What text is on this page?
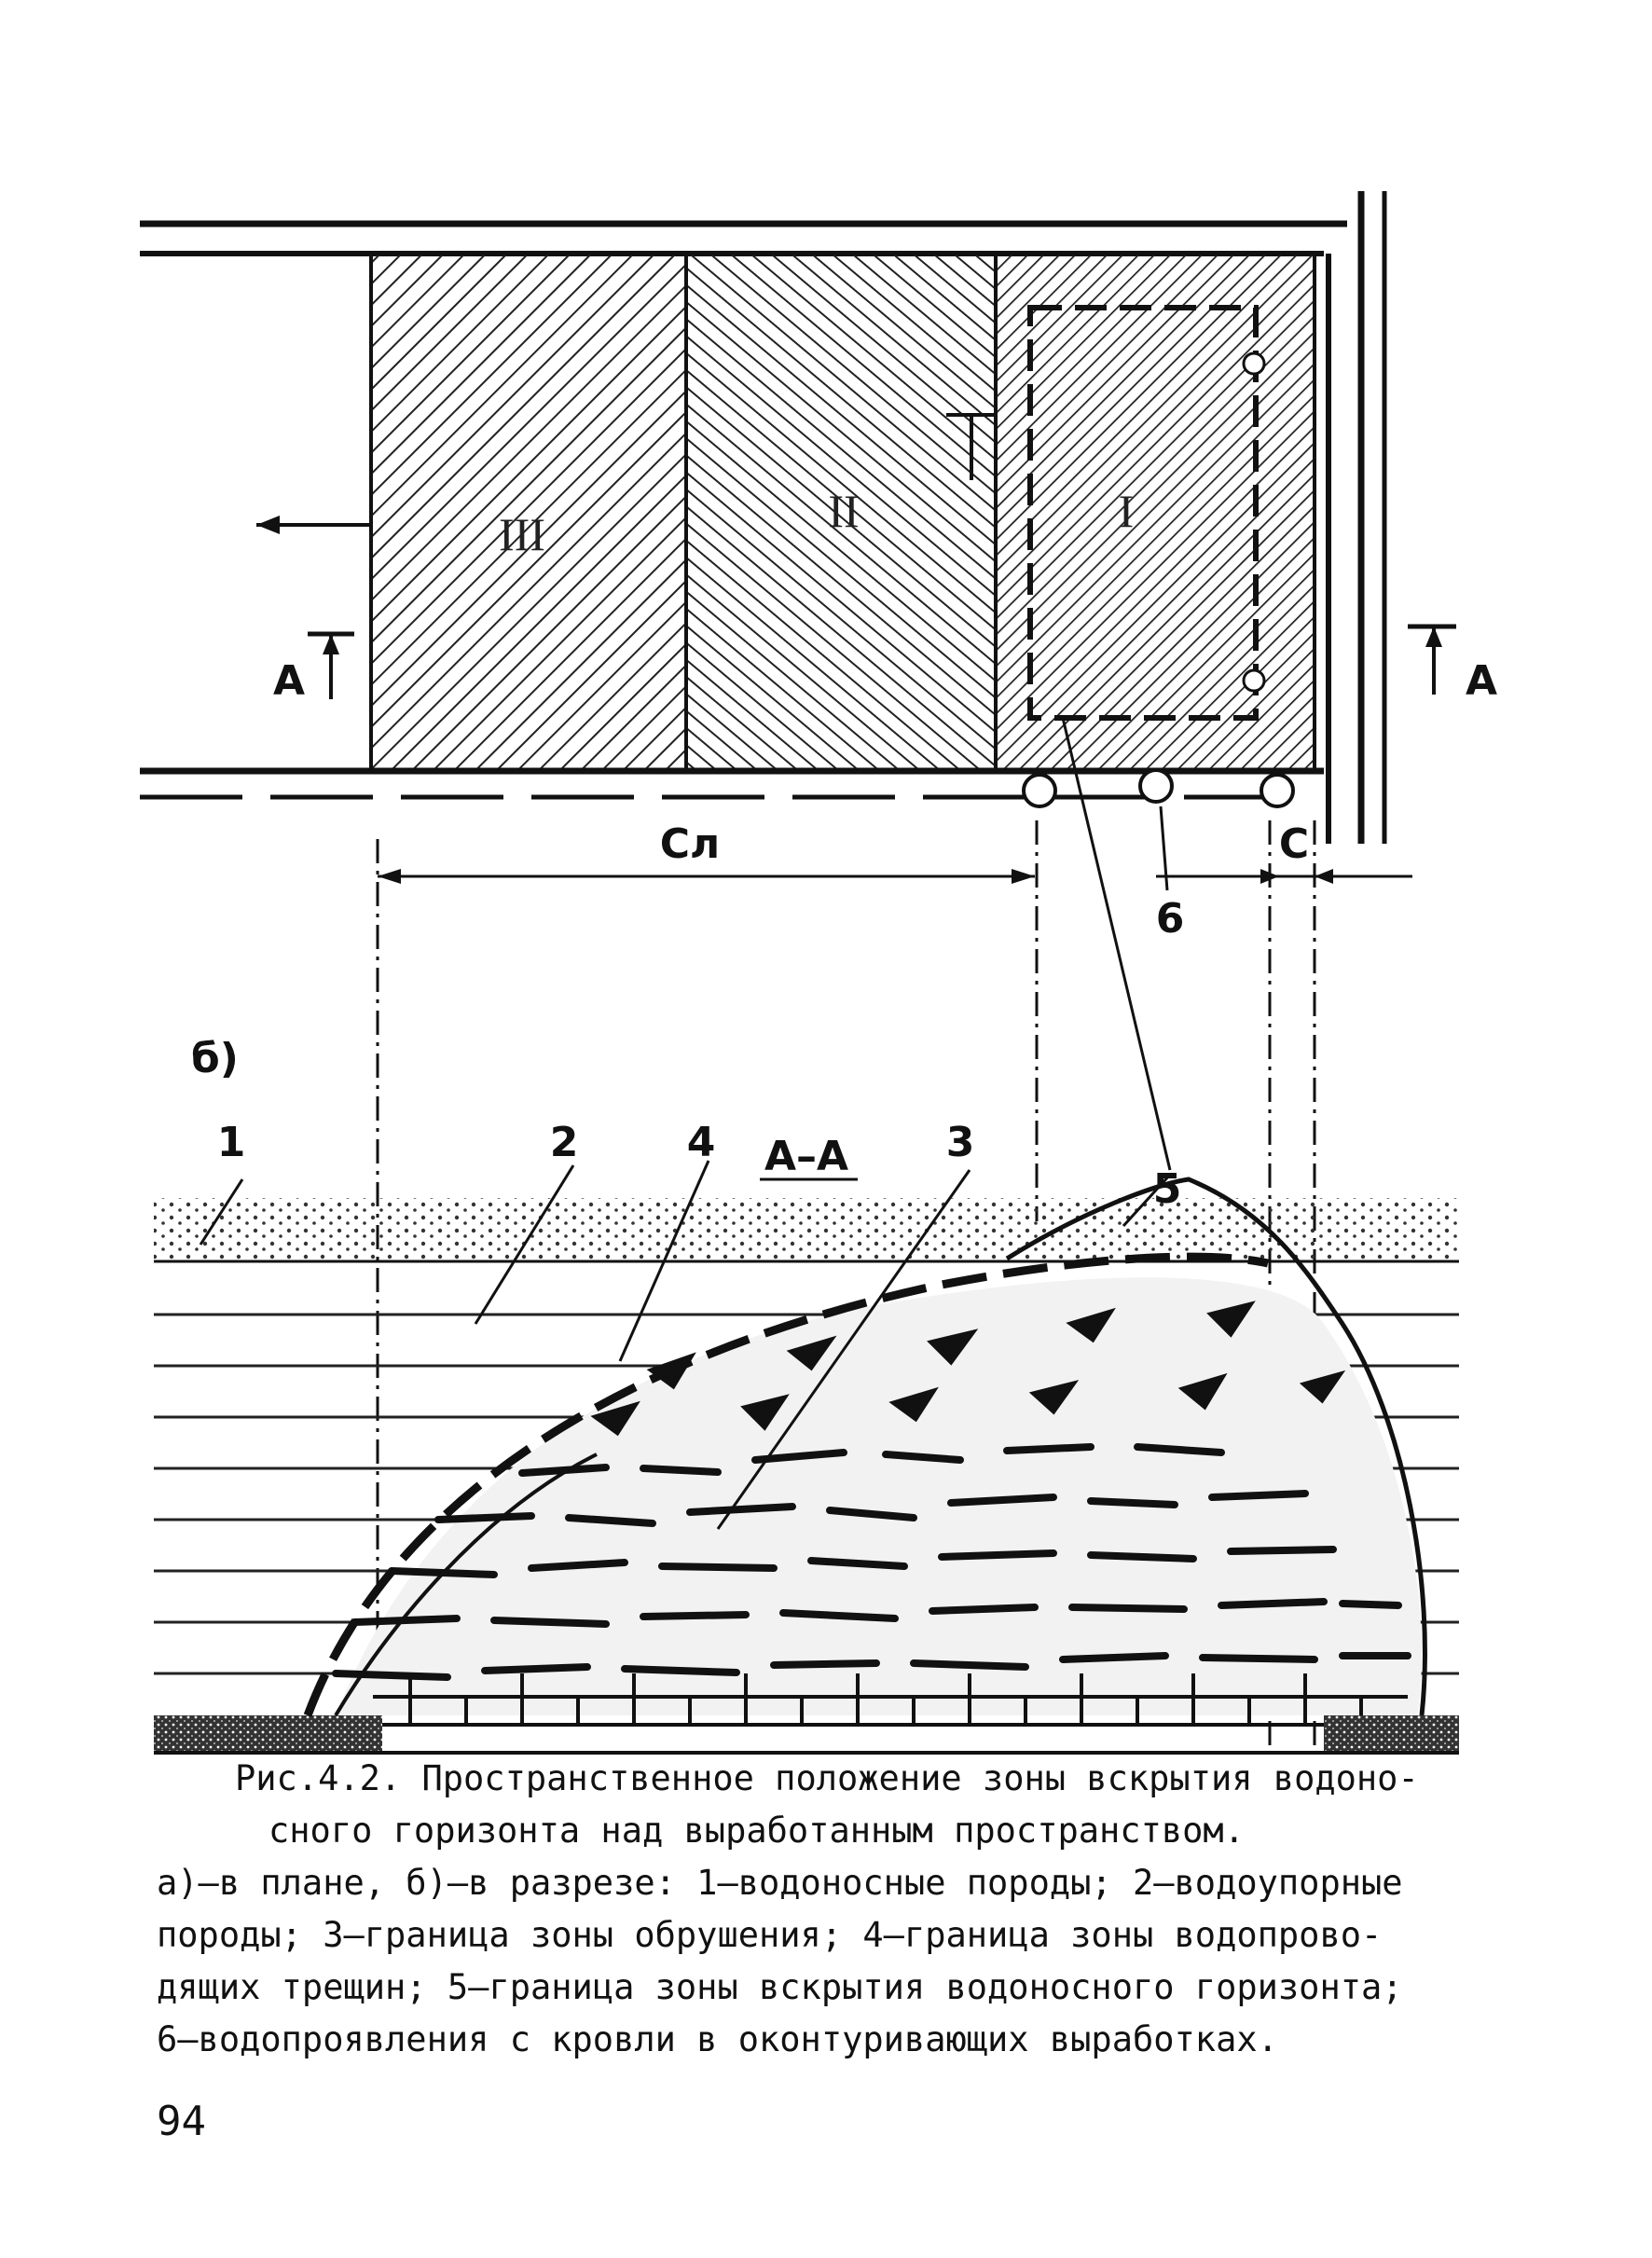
III	II	I
A	A
Сл	С
6
б)
1	2	4 А–А 3
5

Рис.4.2. Пространственное положение зоны вскрытия водоно-

сного горизонта над выработанным пространством.

а)–в плане, б)–в разрезе: 1–водоносные породы; 2–водоупорные

породы; 3–граница зоны обрушения; 4–граница зоны водопрово-

дящих трещин; 5–граница зоны вскрытия водоносного горизонта;

6–водопроявления с кровли в оконтуривающих выработках.

94
